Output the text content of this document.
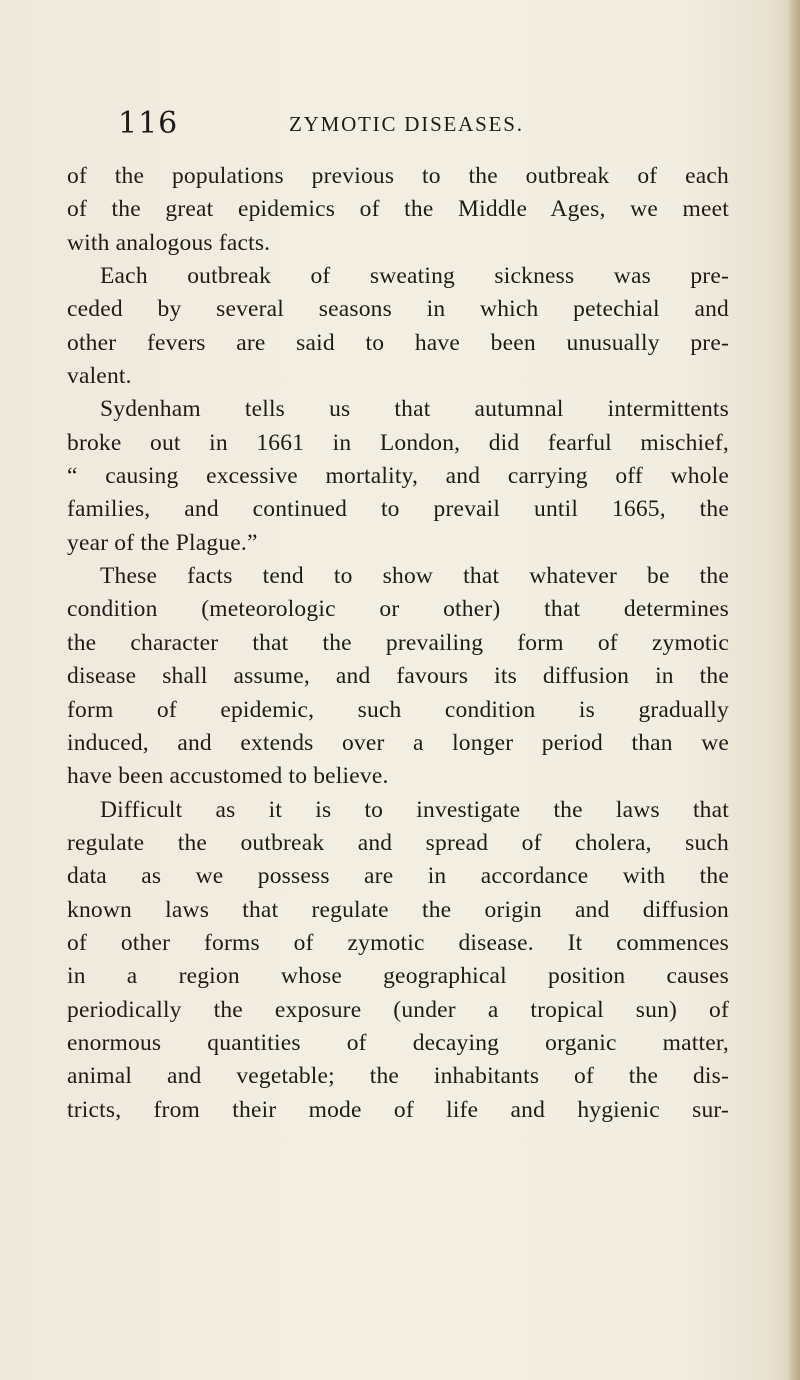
116	ZYMOTIC DISEASES.
of the populations previous to the outbreak of each
of the great epidemics of the Middle Ages, we meet
with analogous facts.
Each outbreak of sweating sickness was pre-
ceded by several seasons in which petechial and
other fevers are said to have been unusually pre-
valent.
Sydenham tells us that autumnal intermittents
broke out in 1661 in London, did fearful mischief,
“ causing excessive mortality, and carrying off whole
families, and continued to prevail until 1665, the
year of the Plague.”
These facts tend to show that whatever be the
condition (meteorologic or other) that determines
the character that the prevailing form of zymotic
disease shall assume, and favours its diffusion in the
form of epidemic, such condition is gradually
induced, and extends over a longer period than we
have been accustomed to believe.
Difficult as it is to investigate the laws that
regulate the outbreak and spread of cholera, such
data as we possess are in accordance with the
known laws that regulate the origin and diffusion
of other forms of zymotic disease. It commences
in a region whose geographical position causes
periodically the exposure (under a tropical sun) of
enormous quantities of decaying organic matter,
animal and vegetable; the inhabitants of the dis-
tricts, from their mode of life and hygienic sur-
